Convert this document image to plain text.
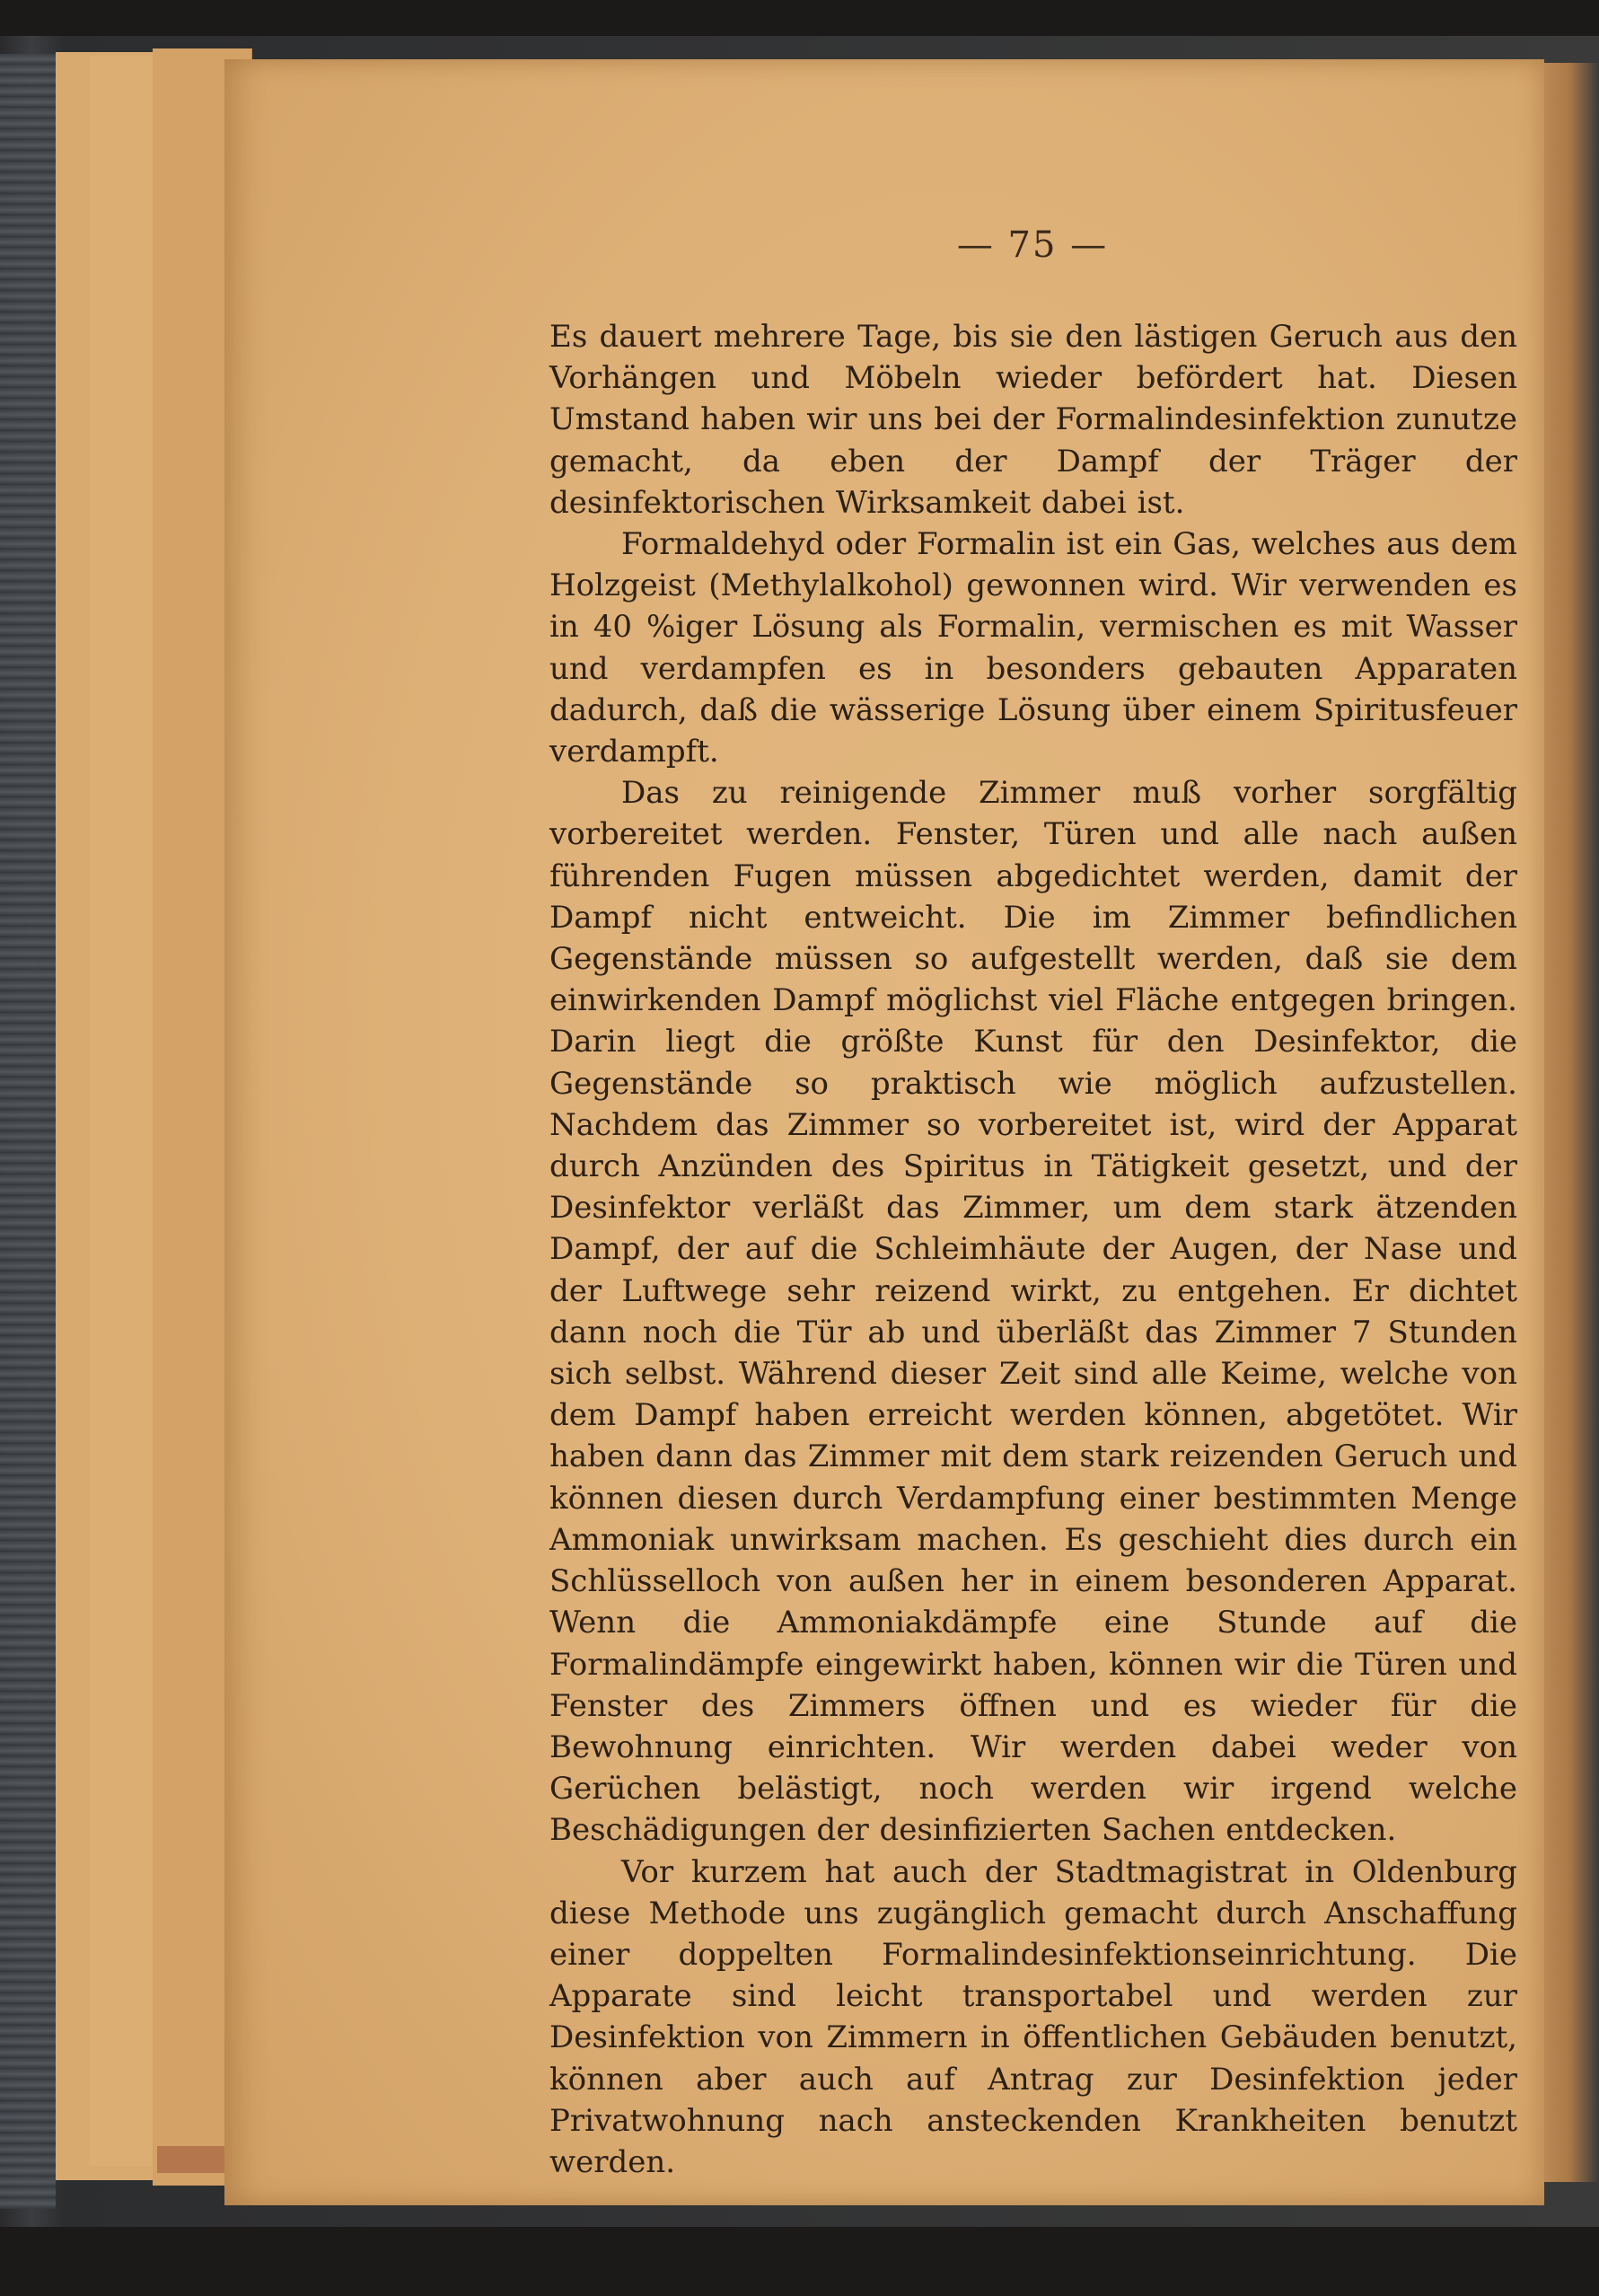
— 75 —

Es dauert mehrere Tage, bis sie den lästigen Geruch aus den Vorhängen und Möbeln wieder befördert hat. Diesen Umstand haben wir uns bei der Formalindesinfektion zunutze gemacht, da eben der Dampf der Träger der desinfektorischen Wirksamkeit dabei ist.

Formaldehyd oder Formalin ist ein Gas, welches aus dem Holzgeist (Methylalkohol) gewonnen wird. Wir verwenden es in 40 %iger Lösung als Formalin, vermischen es mit Wasser und verdampfen es in besonders gebauten Apparaten dadurch, daß die wässerige Lösung über einem Spiritusfeuer verdampft.

Das zu reinigende Zimmer muß vorher sorgfältig vorbereitet werden. Fenster, Türen und alle nach außen führenden Fugen müssen abgedichtet werden, damit der Dampf nicht entweicht. Die im Zimmer befindlichen Gegenstände müssen so aufgestellt werden, daß sie dem einwirkenden Dampf möglichst viel Fläche entgegen bringen. Darin liegt die größte Kunst für den Desinfektor, die Gegenstände so praktisch wie möglich aufzustellen. Nachdem das Zimmer so vorbereitet ist, wird der Apparat durch Anzünden des Spiritus in Tätigkeit gesetzt, und der Desinfektor verläßt das Zimmer, um dem stark ätzenden Dampf, der auf die Schleimhäute der Augen, der Nase und der Luftwege sehr reizend wirkt, zu entgehen. Er dichtet dann noch die Tür ab und überläßt das Zimmer 7 Stunden sich selbst. Während dieser Zeit sind alle Keime, welche von dem Dampf haben erreicht werden können, abgetötet. Wir haben dann das Zimmer mit dem stark reizenden Geruch und können diesen durch Verdampfung einer bestimmten Menge Ammoniak unwirksam machen. Es geschieht dies durch ein Schlüsselloch von außen her in einem besonderen Apparat. Wenn die Ammoniakdämpfe eine Stunde auf die Formalindämpfe eingewirkt haben, können wir die Türen und Fenster des Zimmers öffnen und es wieder für die Bewohnung einrichten. Wir werden dabei weder von Gerüchen belästigt, noch werden wir irgend welche Beschädigungen der desinfizierten Sachen entdecken.

Vor kurzem hat auch der Stadtmagistrat in Oldenburg diese Methode uns zugänglich gemacht durch Anschaffung einer doppelten Formalindesinfektionseinrichtung. Die Apparate sind leicht transportabel und werden zur Desinfektion von Zimmern in öffentlichen Gebäuden benutzt, können aber auch auf Antrag zur Desinfektion jeder Privatwohnung nach ansteckenden Krankheiten benutzt werden.
